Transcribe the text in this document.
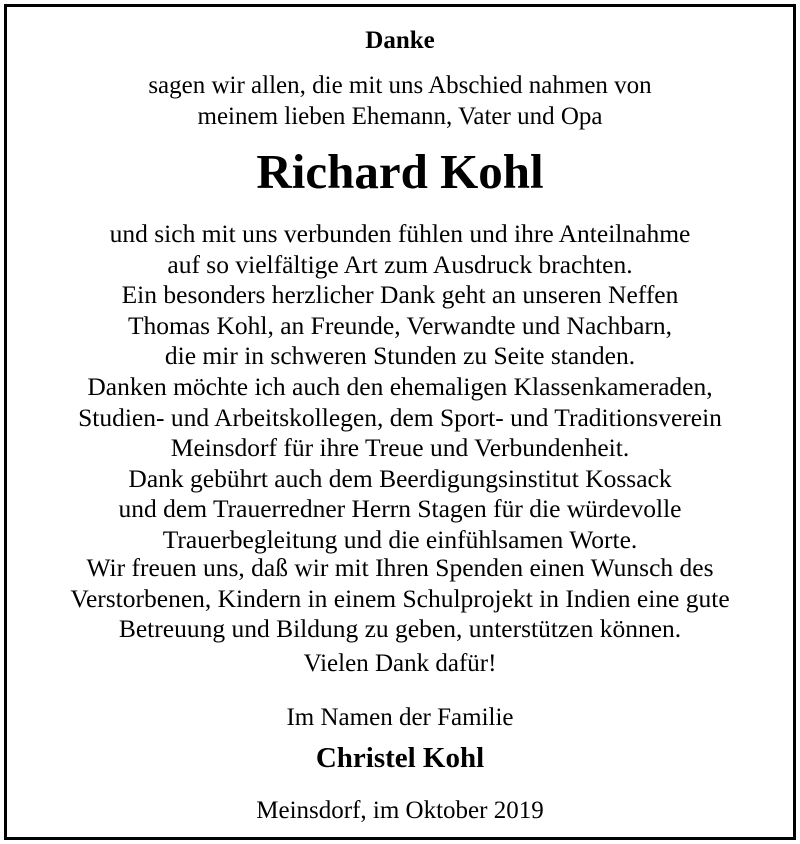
Danke
sagen wir allen, die mit uns Abschied nahmen von
meinem lieben Ehemann, Vater und Opa
Richard Kohl
und sich mit uns verbunden fühlen und ihre Anteilnahme
auf so vielfältige Art zum Ausdruck brachten.
Ein besonders herzlicher Dank geht an unseren Neffen
Thomas Kohl, an Freunde, Verwandte und Nachbarn,
die mir in schweren Stunden zu Seite standen.
Danken möchte ich auch den ehemaligen Klassenkameraden,
Studien- und Arbeitskollegen, dem Sport- und Traditionsverein
Meinsdorf für ihre Treue und Verbundenheit.
Dank gebührt auch dem Beerdigungsinstitut Kossack
und dem Trauerredner Herrn Stagen für die würdevolle
Trauerbegleitung und die einfühlsamen Worte.
Wir freuen uns, daß wir mit Ihren Spenden einen Wunsch des
Verstorbenen, Kindern in einem Schulprojekt in Indien eine gute
Betreuung und Bildung zu geben, unterstützen können.
Vielen Dank dafür!
Im Namen der Familie
Christel Kohl
Meinsdorf, im Oktober 2019
